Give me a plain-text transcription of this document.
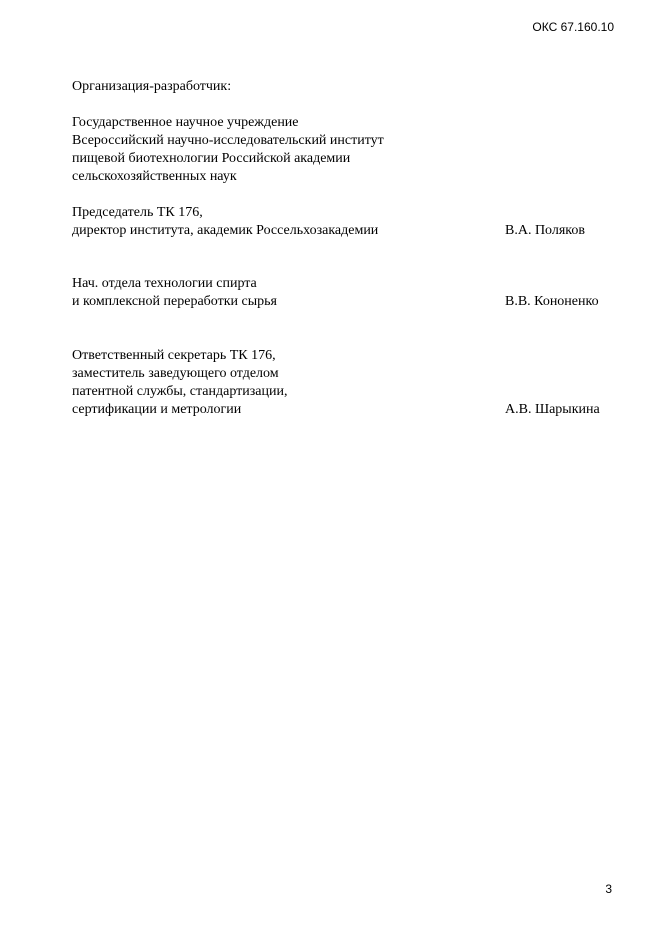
ОКС 67.160.10
Организация-разработчик:
Государственное научное учреждение
Всероссийский научно-исследовательский институт
пищевой биотехнологии Российской академии
сельскохозяйственных наук
Председатель ТК 176,
директор института, академик Россельхозакадемии	В.А. Поляков
Нач. отдела технологии спирта
и комплексной переработки сырья	В.В. Кононенко
Ответственный секретарь ТК 176,
заместитель заведующего отделом
патентной службы, стандартизации,
сертификации и метрологии	А.В. Шарыкина
3
